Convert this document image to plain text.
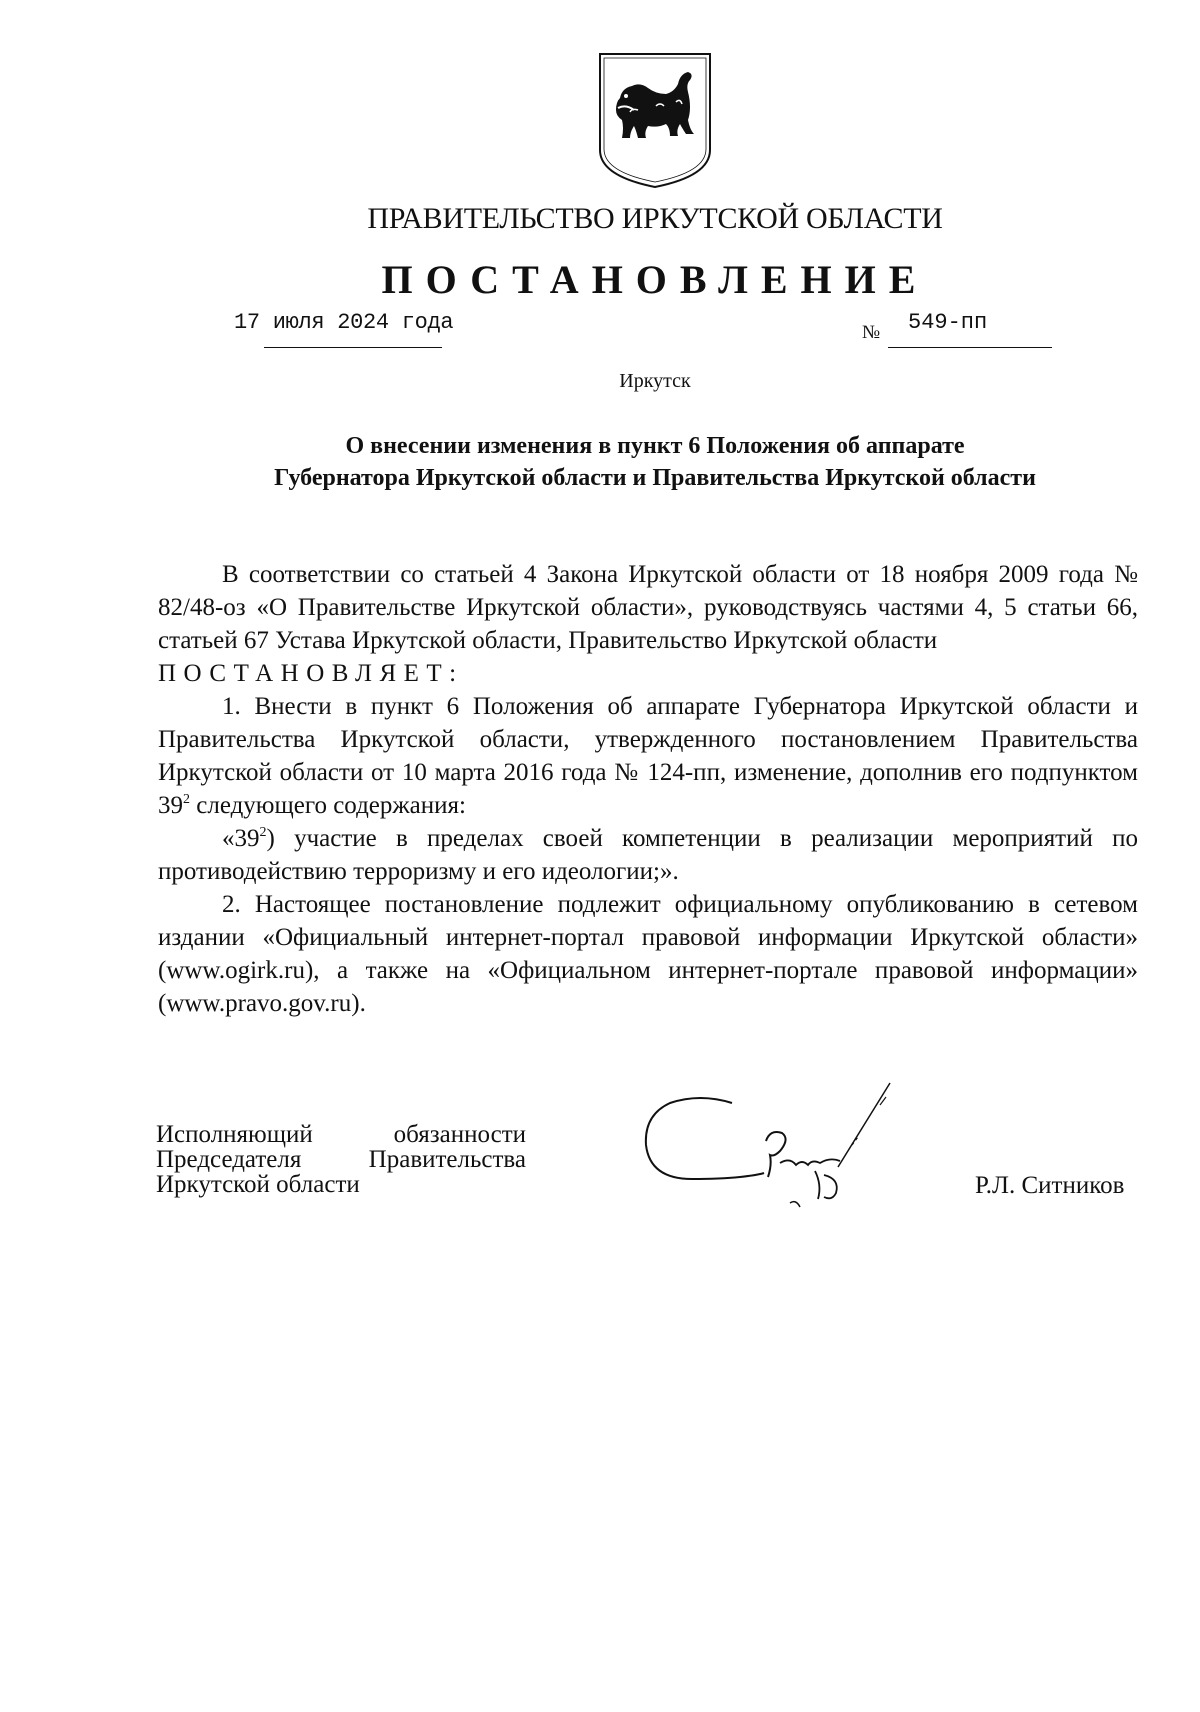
ПРАВИТЕЛЬСТВО ИРКУТСКОЙ ОБЛАСТИ
ПОСТАНОВЛЕНИЕ
17 июля 2024 года	№ 549-пп
Иркутск
О внесении изменения в пункт 6 Положения об аппарате
Губернатора Иркутской области и Правительства Иркутской области

В соответствии со статьей 4 Закона Иркутской области от 18 ноября 2009 года № 82/48-оз «О Правительстве Иркутской области», руководствуясь частями 4, 5 статьи 66, статьей 67 Устава Иркутской области, Правительство Иркутской области

ПОСТАНОВЛЯЕТ:

1. Внести в пункт 6 Положения об аппарате Губернатора Иркутской области и Правительства Иркутской области, утвержденного постановлением Правительства Иркутской области от 10 марта 2016 года № 124-пп, изменение, дополнив его подпунктом $39^2$ следующего содержания:

«$39^2$) участие в пределах своей компетенции в реализации мероприятий по противодействию терроризму и его идеологии;».

2. Настоящее постановление подлежит официальному опубликованию в сетевом издании «Официальный интернет-портал правовой информации Иркутской области» (www.ogirk.ru), а также на «Официальном интернет-портале правовой информации» (www.pravo.gov.ru).

Исполняющий обязанности
Председателя Правительства
Иркутской области	Р.Л. Ситников
